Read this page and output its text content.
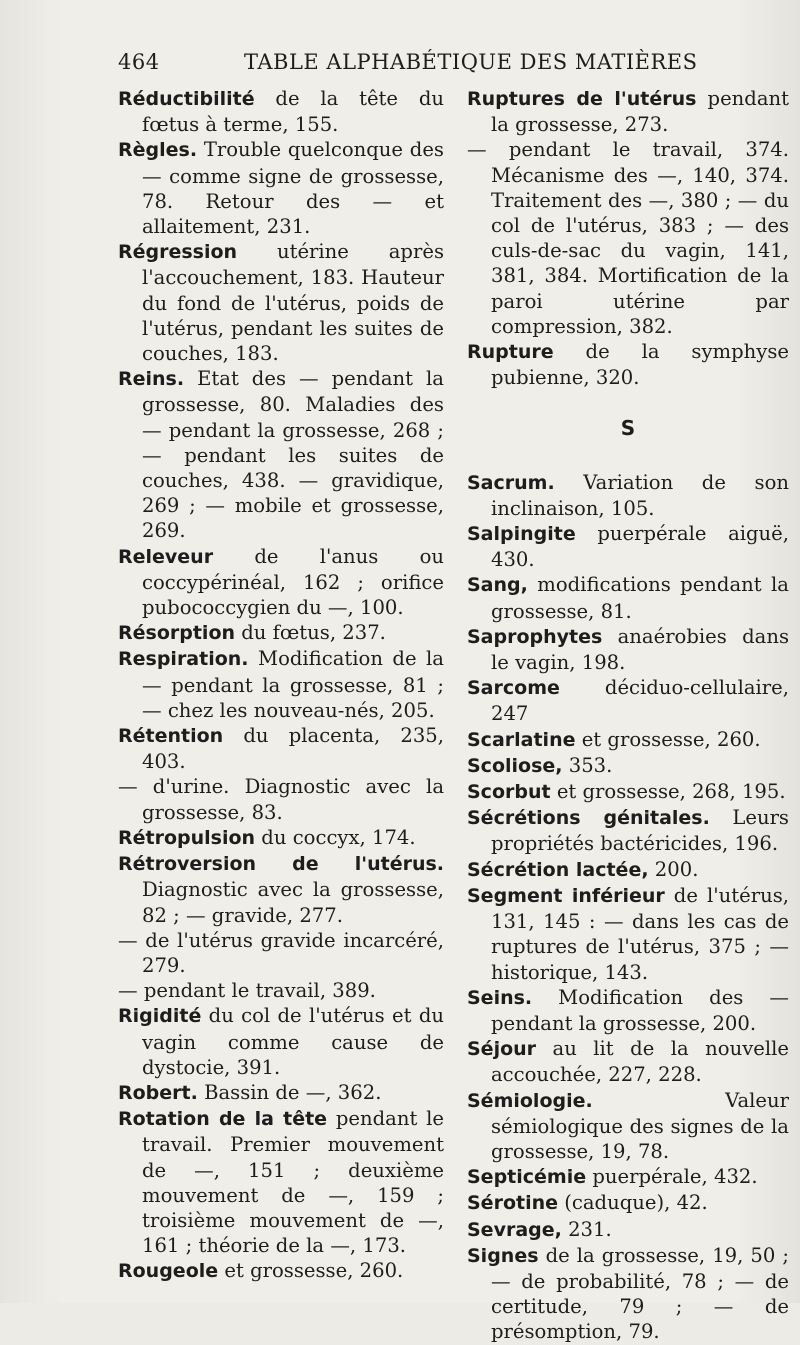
464	TABLE ALPHABÉTIQUE DES MATIÈRES

Réductibilité de la tête du fœtus à terme, 155.

Règles. Trouble quelconque des — comme signe de grossesse, 78. Retour des — et allaitement, 231.

Régression utérine après l'accouchement, 183. Hauteur du fond de l'utérus, poids de l'utérus, pendant les suites de couches, 183.

Reins. Etat des — pendant la grossesse, 80. Maladies des — pendant la grossesse, 268 ; — pendant les suites de couches, 438. — gravidique, 269 ; — mobile et grossesse, 269.

Releveur de l'anus ou coccypérinéal, 162 ; orifice pubococcygien du —, 100.

Résorption du fœtus, 237.

Respiration. Modification de la — pendant la grossesse, 81 ; — chez les nouveau-nés, 205.

Rétention du placenta, 235, 403.

— d'urine. Diagnostic avec la grossesse, 83.

Rétropulsion du coccyx, 174.

Rétroversion de l'utérus. Diagnostic avec la grossesse, 82 ; — gravide, 277.

— de l'utérus gravide incarcéré, 279.

— pendant le travail, 389.

Rigidité du col de l'utérus et du vagin comme cause de dystocie, 391.

Robert. Bassin de —, 362.

Rotation de la tête pendant le travail. Premier mouvement de —, 151 ; deuxième mouvement de —, 159 ; troisième mouvement de —, 161 ; théorie de la —, 173.

Rougeole et grossesse, 260.

Ruptures de l'utérus pendant la grossesse, 273.

— pendant le travail, 374. Mécanisme des —, 140, 374. Traitement des —, 380 ; — du col de l'utérus, 383 ; — des culs-de-sac du vagin, 141, 381, 384. Mortification de la paroi utérine par compression, 382.

Rupture de la symphyse pubienne, 320.

S

Sacrum. Variation de son inclinaison, 105.

Salpingite puerpérale aiguë, 430.

Sang, modifications pendant la grossesse, 81.

Saprophytes anaérobies dans le vagin, 198.

Sarcome déciduo-cellulaire, 247

Scarlatine et grossesse, 260.

Scoliose, 353.

Scorbut et grossesse, 268, 195.

Sécrétions génitales. Leurs propriétés bactéricides, 196.

Sécrétion lactée, 200.

Segment inférieur de l'utérus, 131, 145 : — dans les cas de ruptures de l'utérus, 375 ; — historique, 143.

Seins. Modification des — pendant la grossesse, 200.

Séjour au lit de la nouvelle accouchée, 227, 228.

Sémiologie. Valeur sémiologique des signes de la grossesse, 19, 78.

Septicémie puerpérale, 432.

Sérotine (caduque), 42.

Sevrage, 231.

Signes de la grossesse, 19, 50 ; — de probabilité, 78 ; — de certitude, 79 ; — de présomption, 79.
